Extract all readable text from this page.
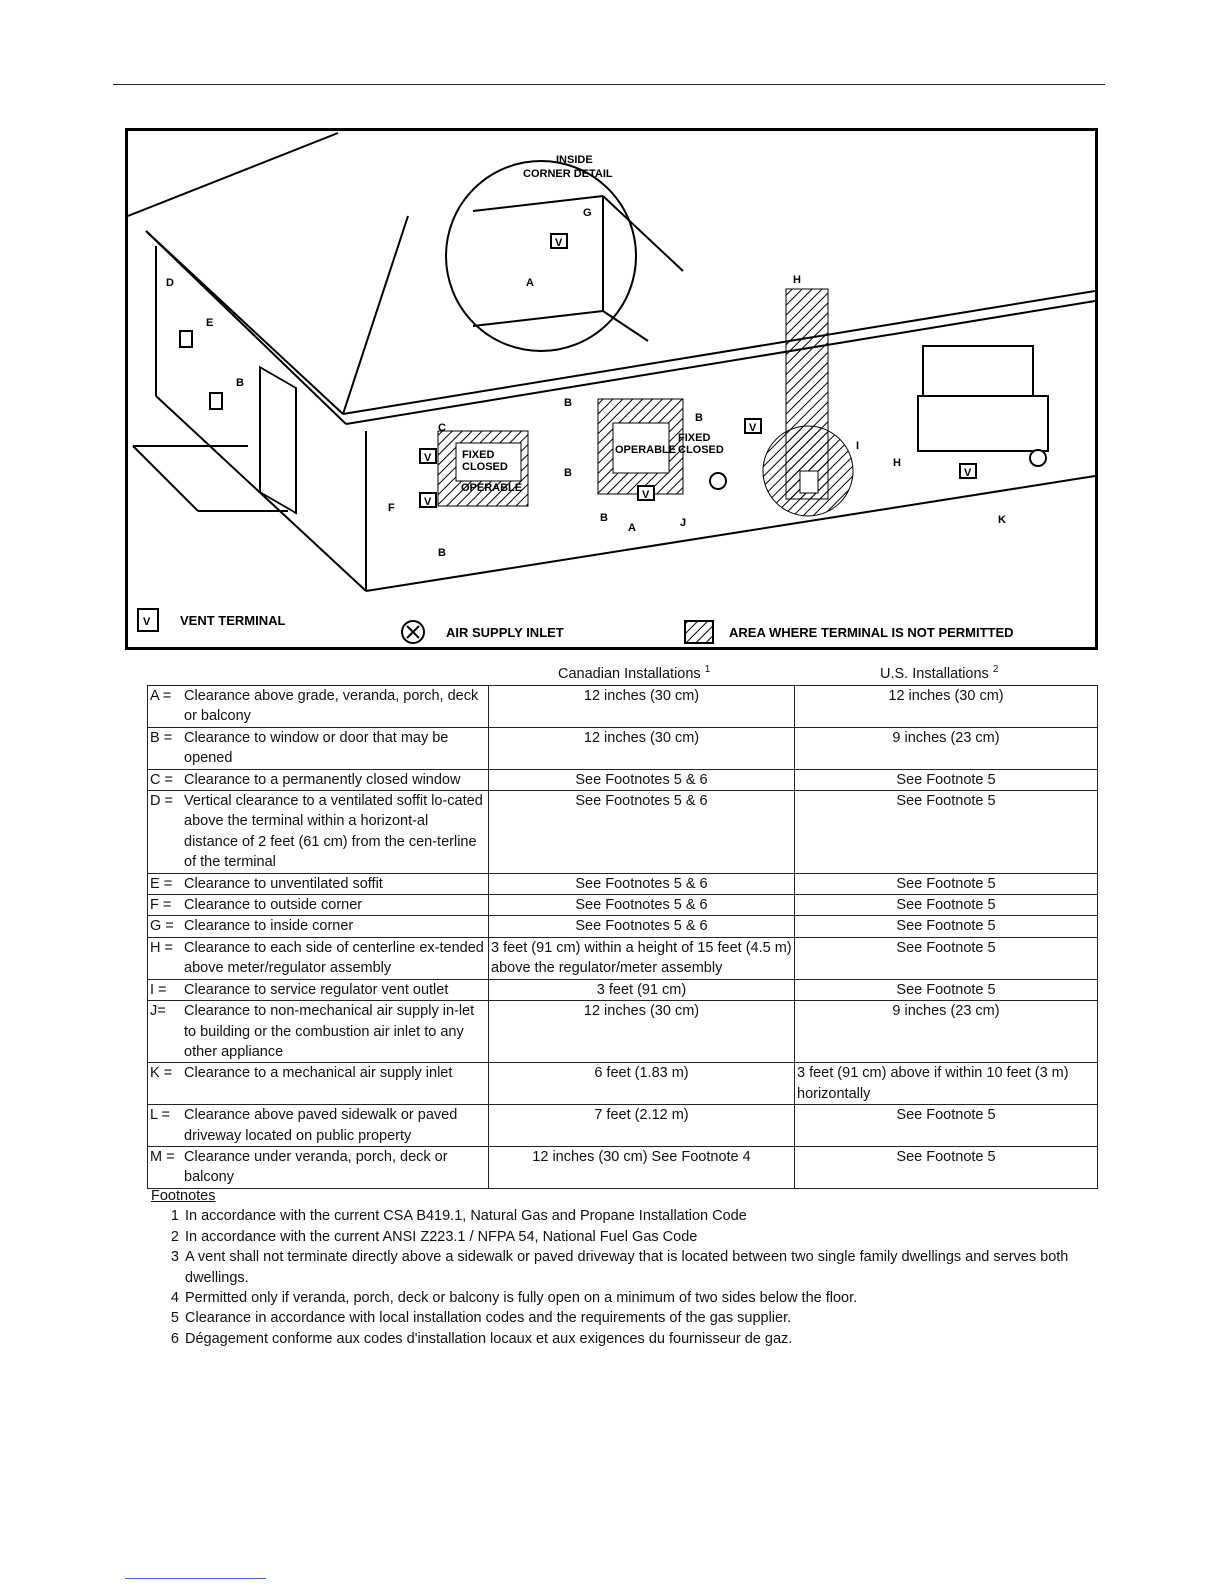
V
G
A
INSIDE
CORNER DETAIL
FIXED
CLOSED
OPERABLE
OPERABLE
FIXED
CLOSED
D
E
B
C
F
B
B
B
B
B
A	J
H
I
H
K
V
V
V
V
V
V VENT TERMINAL
AIR SUPPLY INLET	AREA WHERE TERMINAL IS NOT PERMITTED
Canadian Installations $^1$	U.S. Installations $^2$
A = Clearance above grade, veranda, porch, deck or balcony	12 inches (30 cm)	12 inches (30 cm)

B = Clearance to window or door that may be opened	12 inches (30 cm)	9 inches (23 cm)

C = Clearance to a permanently closed window	See Footnotes 5 & 6	See Footnote 5

D = Vertical clearance to a ventilated soffit lo-cated above the terminal within a horizont-al distance of 2 feet (61 cm) from the cen-terline of the terminal	See Footnotes 5 & 6	See Footnote 5

E = Clearance to unventilated soffit	See Footnotes 5 & 6	See Footnote 5

F = Clearance to outside corner	See Footnotes 5 & 6	See Footnote 5

G = Clearance to inside corner	See Footnotes 5 & 6	See Footnote 5

H = Clearance to each side of centerline ex-tended above meter/regulator assembly	3 feet (91 cm) within a height of 15 feet (4.5 m) above the regulator/meter assembly	See Footnote 5

I = Clearance to service regulator vent outlet	3 feet (91 cm)	See Footnote 5

J= Clearance to non-mechanical air supply in-let to building or the combustion air inlet to any other appliance	12 inches (30 cm)	9 inches (23 cm)

K = Clearance to a mechanical air supply inlet	6 feet (1.83 m)	3 feet (91 cm) above if within 10 feet (3 m) horizontally

L = Clearance above paved sidewalk or paved driveway located on public property	7 feet (2.12 m)	See Footnote 5

M = Clearance under veranda, porch, deck or balcony	12 inches (30 cm) See Footnote 4	See Footnote 5
Footnotes
1 In accordance with the current CSA B419.1, Natural Gas and Propane Installation Code
2 In accordance with the current ANSI Z223.1 / NFPA 54, National Fuel Gas Code
3 A vent shall not terminate directly above a sidewalk or paved driveway that is located between two single family dwellings and serves both dwellings.
4 Permitted only if veranda, porch, deck or balcony is fully open on a minimum of two sides below the floor.
5 Clearance in accordance with local installation codes and the requirements of the gas supplier.
6 Dégagement conforme aux codes d'installation locaux et aux exigences du fournisseur de gaz.
